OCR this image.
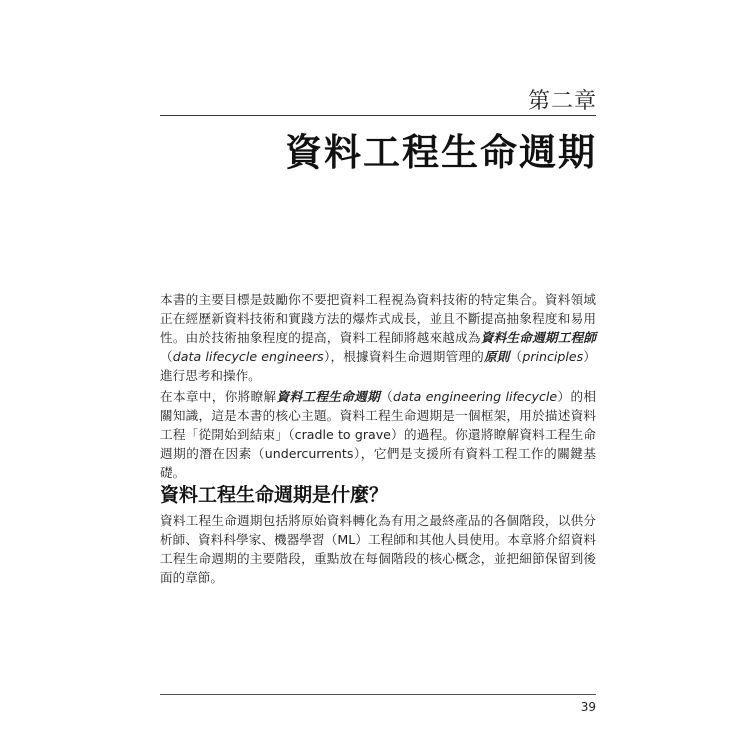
第二章
資料工程生命週期

本書的主要目標是鼓勵你不要把資料工程視為資料技術的特定集合。資料領域正在經歷新資料技術和實踐方法的爆炸式成長，並且不斷提高抽象程度和易用性。由於技術抽象程度的提高，資料工程師將越來越成為資料生命週期工程師（data lifecycle engineers），根據資料生命週期管理的原則（principles）進行思考和操作。

在本章中，你將瞭解資料工程生命週期（data engineering lifecycle）的相關知識，這是本書的核心主題。資料工程生命週期是一個框架，用於描述資料工程「從開始到結束」（cradle to grave）的過程。你還將瞭解資料工程生命週期的潛在因素（undercurrents），它們是支援所有資料工程工作的關鍵基礎。

資料工程生命週期是什麼？

資料工程生命週期包括將原始資料轉化為有用之最終產品的各個階段，以供分析師、資料科學家、機器學習（ML）工程師和其他人員使用。本章將介紹資料工程生命週期的主要階段，重點放在每個階段的核心概念，並把細節保留到後面的章節。

39
